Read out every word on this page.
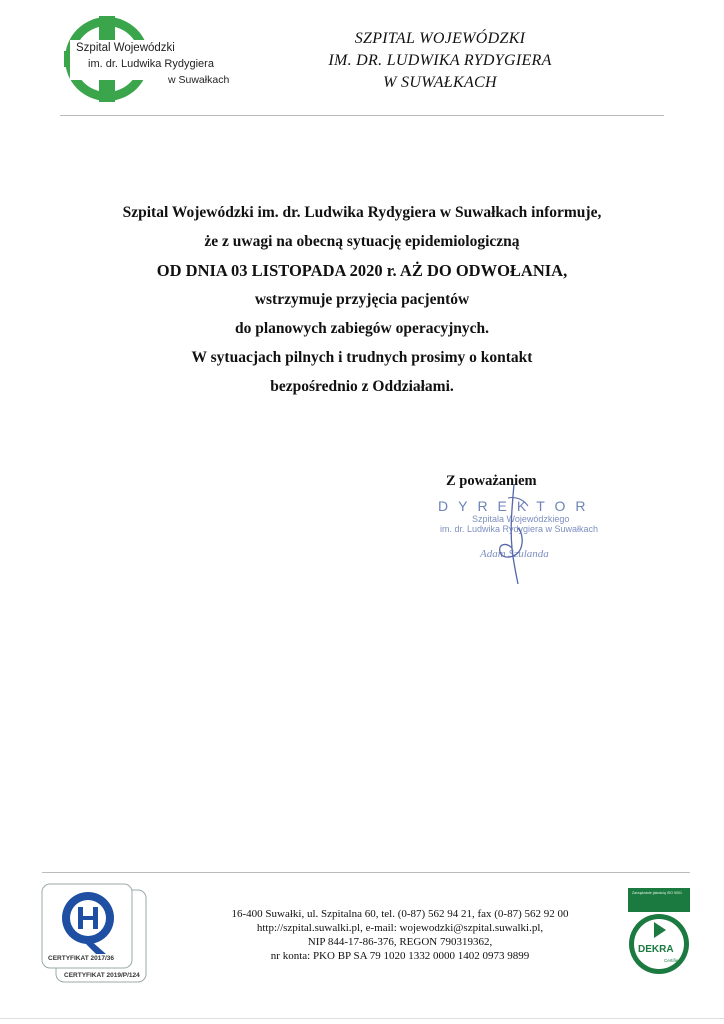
Szpital Wojewódzki
im. dr. Ludwika Rydygiera
w Suwałkach
SZPITAL WOJEWÓDZKI
IM. DR. LUDWIKA RYDYGIERA
W SUWAŁKACH
Szpital Wojewódzki im. dr. Ludwika Rydygiera w Suwałkach informuje,
że z uwagi na obecną sytuację epidemiologiczną
OD DNIA 03 LISTOPADA 2020 r. AŻ DO ODWOŁANIA,
wstrzymuje przyjęcia pacjentów
do planowych zabiegów operacyjnych.
W sytuacjach pilnych i trudnych prosimy o kontakt
bezpośrednio z Oddziałami.
Z poważaniem
DYREKTOR
Szpitala Wojewódzkiego
im. dr. Ludwika Rydygiera w Suwałkach
Adam Szulanda
CERTYFIKAT 2017/36
CERTYFIKAT 2019/P/124
16-400 Suwałki, ul. Szpitalna 60, tel. (0-87) 562 94 21, fax (0-87) 562 92 00
http://szpital.suwalki.pl, e-mail: wojewodzki@szpital.suwalki.pl,
NIP 844-17-86-376, REGON 790319362,
nr konta: PKO BP SA 79 1020 1332 0000 1402 0973 9899
Zarządzanie jakością ISO 9001
DEKRA
Certified
